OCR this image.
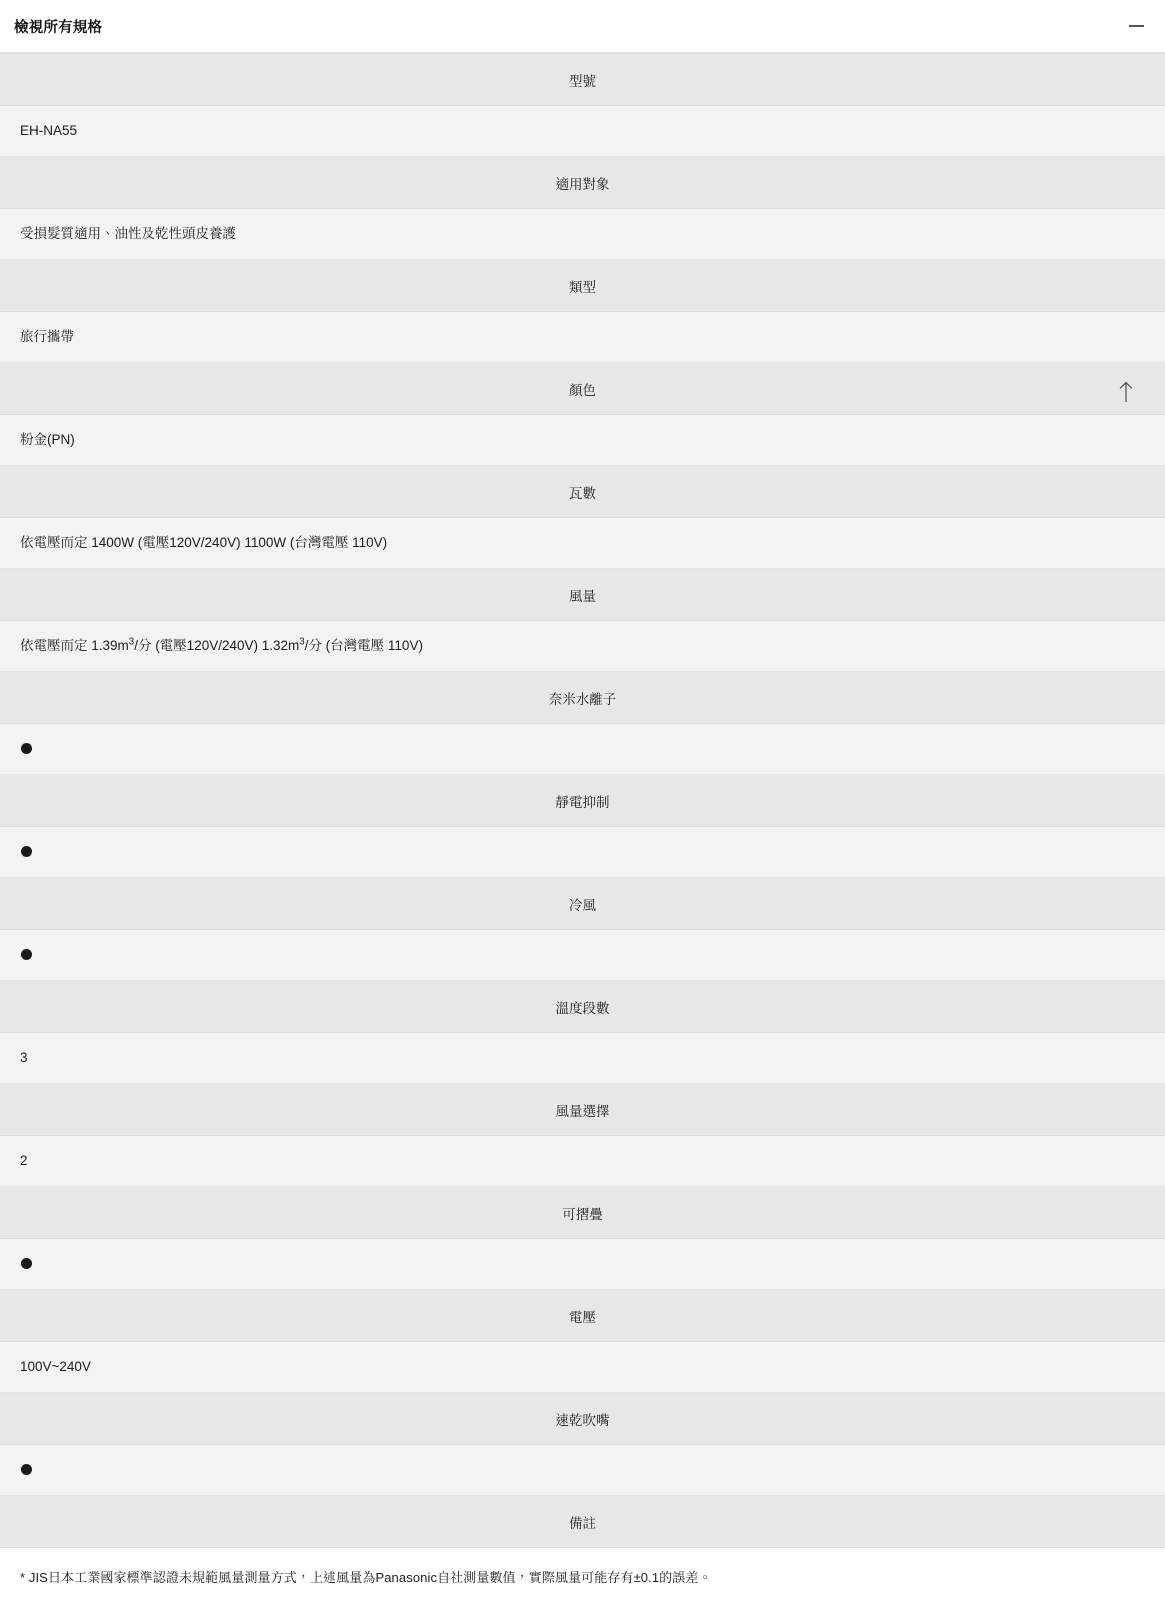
檢視所有規格
型號
EH-NA55
適用對象
受損髮質適用、油性及乾性頭皮養護
類型
旅行攜帶
顏色
粉金(PN)
瓦數
依電壓而定 1400W (電壓120V/240V) 1100W (台灣電壓 110V)
風量
依電壓而定 $1.39m^3/$分 (電壓120V/240V) $1.32m^3/$分 (台灣電壓 110V)
奈米水離子

靜電抑制

冷風

溫度段數
3
風量選擇
2
可摺疊

電壓
100V~240V
速乾吹嘴

備註
* JIS日本工業國家標準認證未規範風量測量方式，上述風量為Panasonic自社測量數值，實際風量可能存有±0.1的誤差。
